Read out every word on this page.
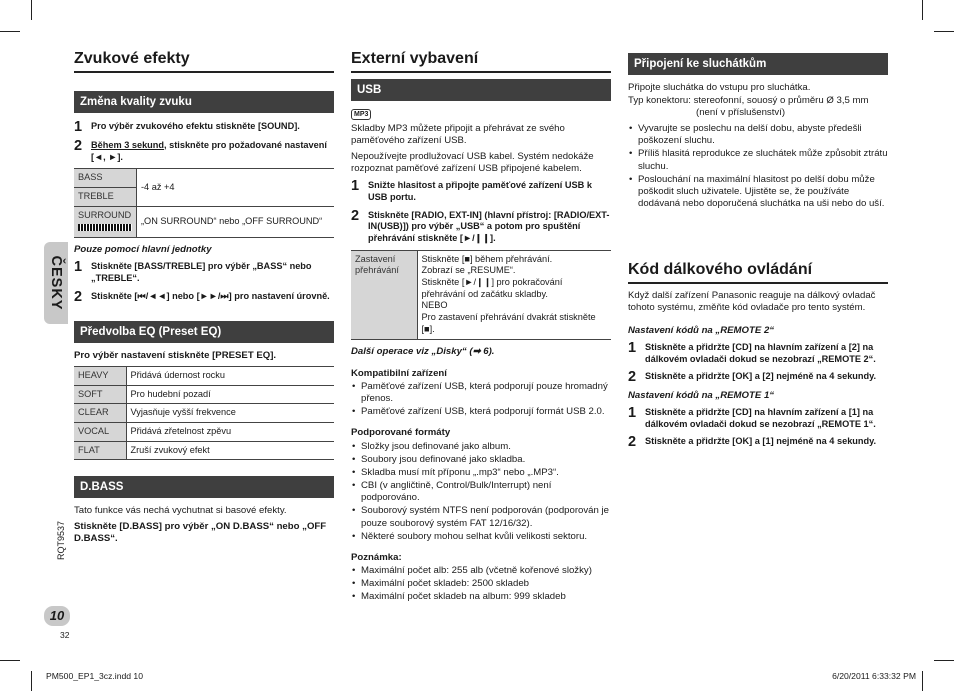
ČESKY
RQT9537
10
32
Zvukové efekty
Změna kvality zvuku
1 Pro výběr zvukového efektu stiskněte [SOUND].
2 Během 3 sekund, stiskněte pro požadované nastavení [◄, ►].
BASS	-4 až +4
TREBLE	
SURROUND	„ON SURROUND“ nebo „OFF SURROUND“

Pouze pomocí hlavní jednotky

1 Stiskněte [BASS/TREBLE] pro výběr „BASS“ nebo „TREBLE“.
2 Stiskněte [⏮/◄◄] nebo [►►/⏭] pro nastavení úrovně.
Předvolba EQ (Preset EQ)

Pro výběr nastavení stiskněte [PRESET EQ].

HEAVY	Přidává údernost rocku
SOFT	Pro hudební pozadí
CLEAR	Vyjasňuje vyšší frekvence
VOCAL	Přidává zřetelnost zpěvu
FLAT	Zruší zvukový efekt
D.BASS

Tato funkce vás nechá vychutnat si basové efekty.

Stiskněte [D.BASS] pro výběr „ON D.BASS“ nebo „OFF D.BASS“.

Externí vybavení
USB
MP3

Skladby MP3 můžete připojit a přehrávat ze svého paměťového zařízení USB.

Nepoužívejte prodlužovací USB kabel. Systém nedokáže rozpoznat paměťové zařízení USB připojené kabelem.

1 Snižte hlasitost a připojte paměťové zařízení USB k USB portu.
2 Stiskněte [RADIO, EXT-IN] (hlavní přístroj: [RADIO/EXT-IN(USB)]) pro výběr „USB“ a potom pro spuštění přehrávání stiskněte [►/❙❙].
Zastavení přehrávání	
Stiskněte [■] během přehrávání.
Zobrazí se „RESUME“.
Stiskněte [►/❙❙] pro pokračování přehrávání od začátku skladby.
NEBO
Pro zastavení přehrávání dvakrát stiskněte [■].

Další operace viz „Disky“ (➡ 6).

Kompatibilní zařízení

• Paměťové zařízení USB, která podporují pouze hromadný přenos.
• Paměťové zařízení USB, která podporují formát USB 2.0.

Podporované formáty

• Složky jsou definované jako album.
• Soubory jsou definované jako skladba.
• Skladba musí mít příponu „.mp3“ nebo „.MP3“.
• CBI (v angličtině, Control/Bulk/Interrupt) není podporováno.
• Souborový systém NTFS není podporován (podporován je pouze souborový systém FAT 12/16/32).
• Některé soubory mohou selhat kvůli velikosti sektoru.

Poznámka:

• Maximální počet alb: 255 alb (včetně kořenové složky)
• Maximální počet skladeb: 2500 skladeb
• Maximální počet skladeb na album: 999 skladeb
Připojení ke sluchátkům

Připojte sluchátka do vstupu pro sluchátka.

Typ konektoru: stereofonní, souosý o průměru Ø 3,5 mm

(není v příslušenství)

• Vyvarujte se poslechu na delší dobu, abyste předešli poškození sluchu.
• Příliš hlasitá reprodukce ze sluchátek může způsobit ztrátu sluchu.
• Poslouchání na maximální hlasitost po delší dobu může poškodit sluch uživatele. Ujistěte se, že používáte dodávaná nebo doporučená sluchátka na uši nebo do uší.
Kód dálkového ovládání

Když další zařízení Panasonic reaguje na dálkový ovladač tohoto systému, změňte kód ovladače pro tento systém.

Nastavení kódů na „REMOTE 2“

1 Stiskněte a přidržte [CD] na hlavním zařízení a [2] na dálkovém ovladači dokud se nezobrazí „REMOTE 2“.
2 Stiskněte a přidržte [OK] a [2] nejméně na 4 sekundy.

Nastavení kódů na „REMOTE 1“

1 Stiskněte a přidržte [CD] na hlavním zařízení a [1] na dálkovém ovladači dokud se nezobrazí „REMOTE 1“.
2 Stiskněte a přidržte [OK] a [1] nejméně na 4 sekundy.
PM500_EP1_3cz.indd 10	6/20/2011 6:33:32 PM
